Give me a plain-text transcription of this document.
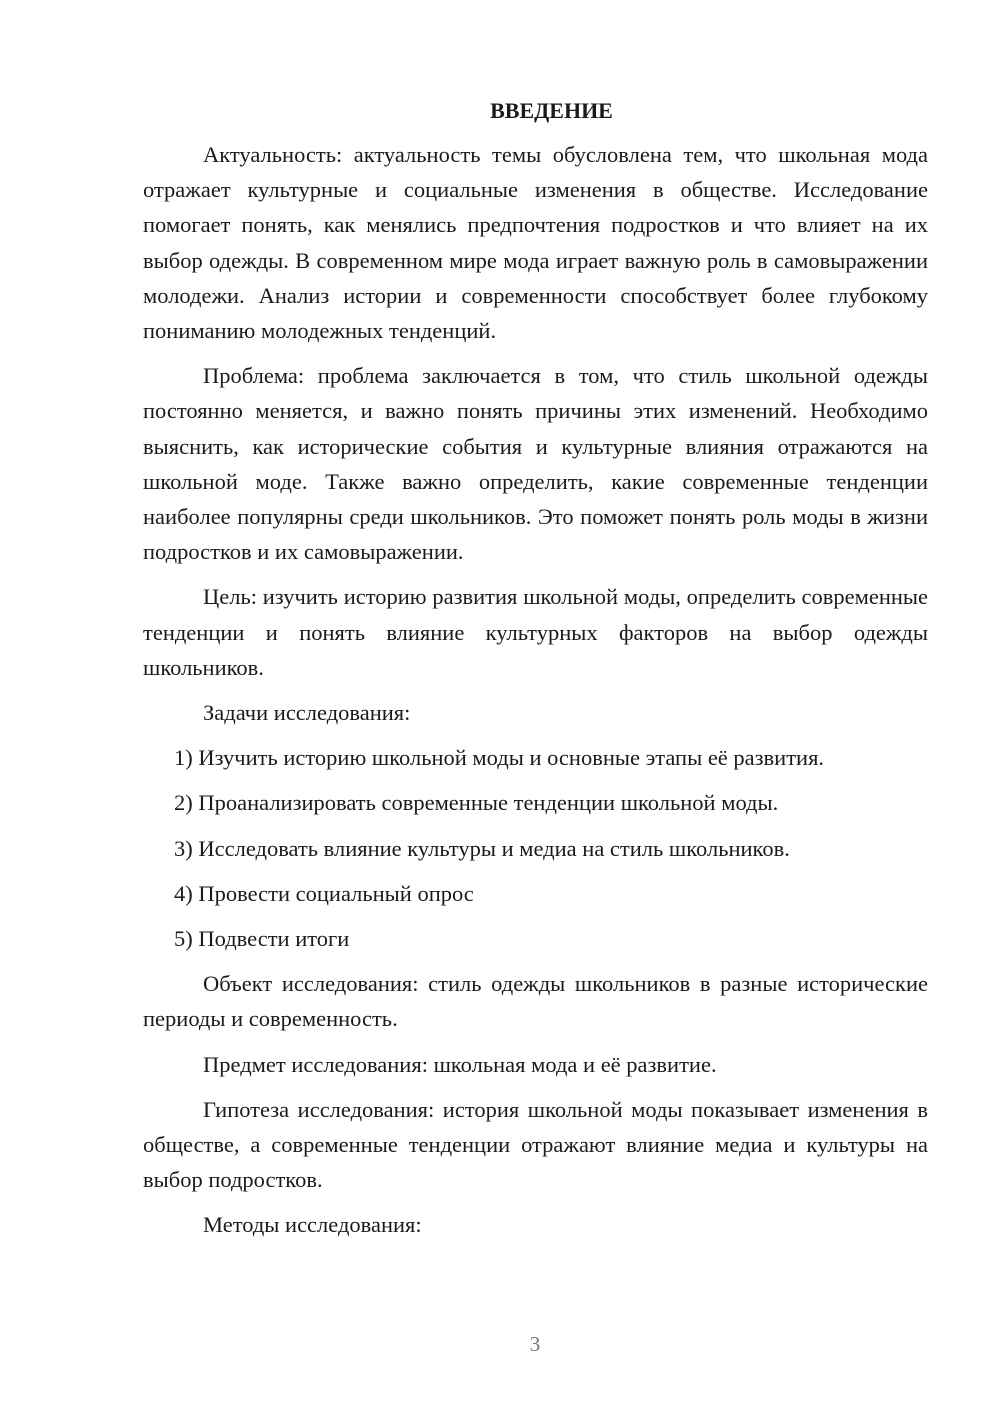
ВВЕДЕНИЕ
Актуальность: актуальность темы обусловлена тем, что школьная мода отражает культурные и социальные изменения в обществе. Исследование помогает понять, как менялись предпочтения подростков и что влияет на их выбор одежды. В современном мире мода играет важную роль в самовыражении молодежи. Анализ истории и современности способствует более глубокому пониманию молодежных тенденций.
Проблема: проблема заключается в том, что стиль школьной одежды постоянно меняется, и важно понять причины этих изменений. Необходимо выяснить, как исторические события и культурные влияния отражаются на школьной моде. Также важно определить, какие современные тенденции наиболее популярны среди школьников. Это поможет понять роль моды в жизни подростков и их самовыражении.
Цель: изучить историю развития школьной моды, определить современные тенденции и понять влияние культурных факторов на выбор одежды школьников.
Задачи исследования:
1) Изучить историю школьной моды и основные этапы её развития.
2) Проанализировать современные тенденции школьной моды.
3) Исследовать влияние культуры и медиа на стиль школьников.
4) Провести социальный опрос
5) Подвести итоги
Объект исследования: стиль одежды школьников в разные исторические периоды и современность.
Предмет исследования: школьная мода и её развитие.
Гипотеза исследования: история школьной моды показывает изменения в обществе, а современные тенденции отражают влияние медиа и культуры на выбор подростков.
Методы исследования:
3
